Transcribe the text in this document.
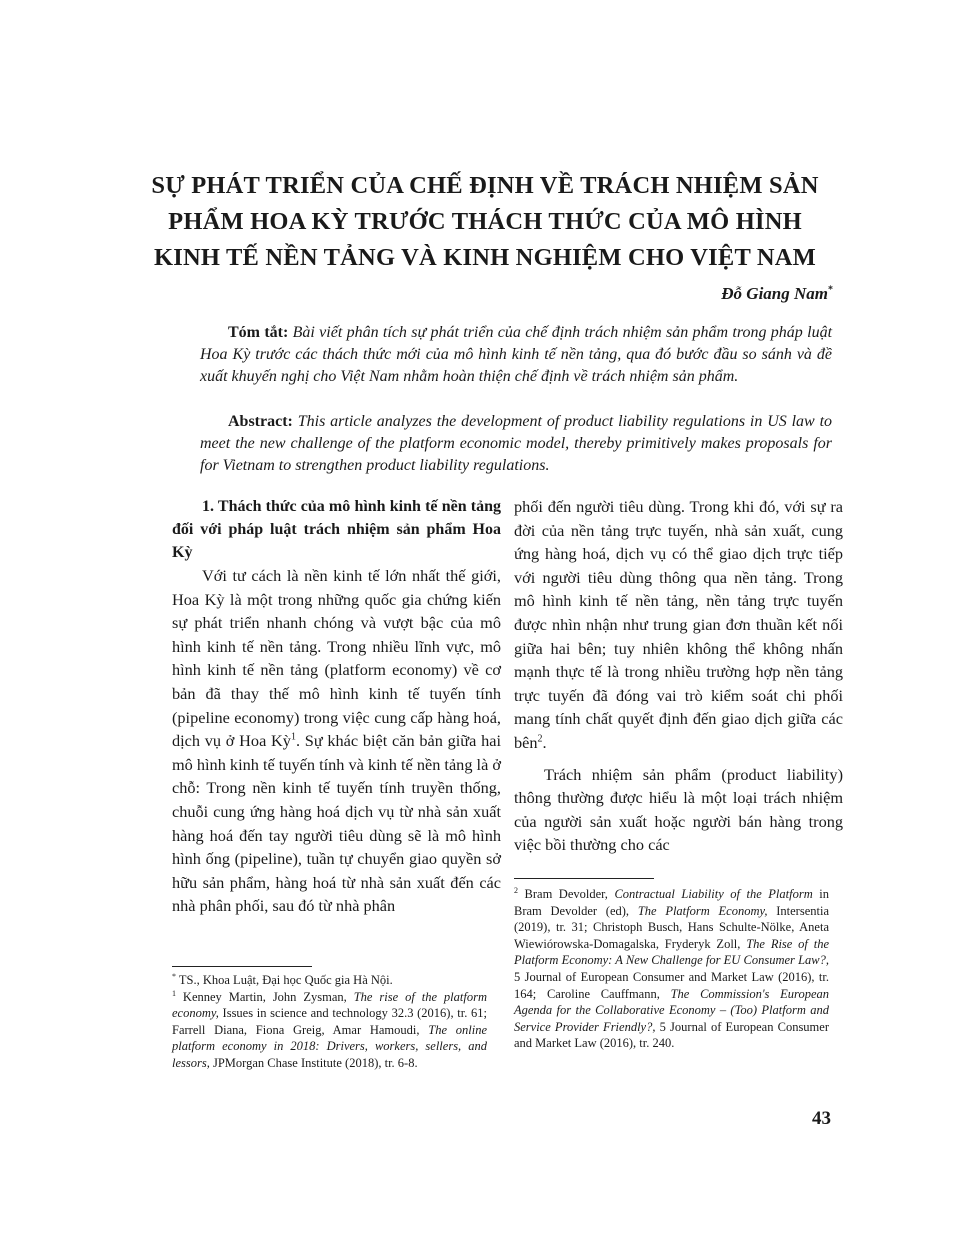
SỰ PHÁT TRIỂN CỦA CHẾ ĐỊNH VỀ TRÁCH NHIỆM SẢN
PHẨM HOA KỲ TRƯỚC THÁCH THỨC CỦA MÔ HÌNH
KINH TẾ NỀN TẢNG VÀ KINH NGHIỆM CHO VIỆT NAM
Đỗ Giang Nam*
Tóm tắt: Bài viết phân tích sự phát triển của chế định trách nhiệm sản phẩm trong pháp luật Hoa Kỳ trước các thách thức mới của mô hình kinh tế nền tảng, qua đó bước đầu so sánh và đề xuất khuyến nghị cho Việt Nam nhằm hoàn thiện chế định về trách nhiệm sản phẩm.
Abstract: This article analyzes the development of product liability regulations in US law to meet the new challenge of the platform economic model, thereby primitively makes proposals for for Vietnam to strengthen product liability regulations.

1. Thách thức của mô hình kinh tế nền tảng đối với pháp luật trách nhiệm sản phẩm Hoa Kỳ

Với tư cách là nền kinh tế lớn nhất thế giới, Hoa Kỳ là một trong những quốc gia chứng kiến sự phát triển nhanh chóng và vượt bậc của mô hình kinh tế nền tảng. Trong nhiều lĩnh vực, mô hình kinh tế nền tảng (platform economy) về cơ bản đã thay thế mô hình kinh tế tuyến tính (pipeline economy) trong việc cung cấp hàng hoá, dịch vụ ở Hoa Kỳ$^1$. Sự khác biệt căn bản giữa hai mô hình kinh tế tuyến tính và kinh tế nền tảng là ở chỗ: Trong nền kinh tế tuyến tính truyền thống, chuỗi cung ứng hàng hoá dịch vụ từ nhà sản xuất hàng hoá đến tay người tiêu dùng sẽ là mô hình hình ống (pipeline), tuần tự chuyển giao quyền sở hữu sản phẩm, hàng hoá từ nhà sản xuất đến các nhà phân phối, sau đó từ nhà phân

phối đến người tiêu dùng. Trong khi đó, với sự ra đời của nền tảng trực tuyến, nhà sản xuất, cung ứng hàng hoá, dịch vụ có thể giao dịch trực tiếp với người tiêu dùng thông qua nền tảng. Trong mô hình kinh tế nền tảng, nền tảng trực tuyến được nhìn nhận như trung gian đơn thuần kết nối giữa hai bên; tuy nhiên không thể không nhấn mạnh thực tế là trong nhiều trường hợp nền tảng trực tuyến đã đóng vai trò kiểm soát chi phối mang tính chất quyết định đến giao dịch giữa các bên$^2$.

Trách nhiệm sản phẩm (product liability) thông thường được hiểu là một loại trách nhiệm của người sản xuất hoặc người bán hàng trong việc bồi thường cho các

* TS., Khoa Luật, Đại học Quốc gia Hà Nội.

$^1$ Kenney Martin, John Zysman, The rise of the platform economy, Issues in science and technology 32.3 (2016), tr. 61; Farrell Diana, Fiona Greig, Amar Hamoudi, The online platform economy in 2018: Drivers, workers, sellers, and lessors, JPMorgan Chase Institute (2018), tr. 6-8.

$^2$ Bram Devolder, Contractual Liability of the Platform in Bram Devolder (ed), The Platform Economy, Intersentia (2019), tr. 31; Christoph Busch, Hans Schulte-Nölke, Aneta Wiewiórowska-Domagalska, Fryderyk Zoll, The Rise of the Platform Economy: A New Challenge for EU Consumer Law?, 5 Journal of European Consumer and Market Law (2016), tr. 164; Caroline Cauffmann, The Commission's European Agenda for the Collaborative Economy – (Too) Platform and Service Provider Friendly?, 5 Journal of European Consumer and Market Law (2016), tr. 240.

43
